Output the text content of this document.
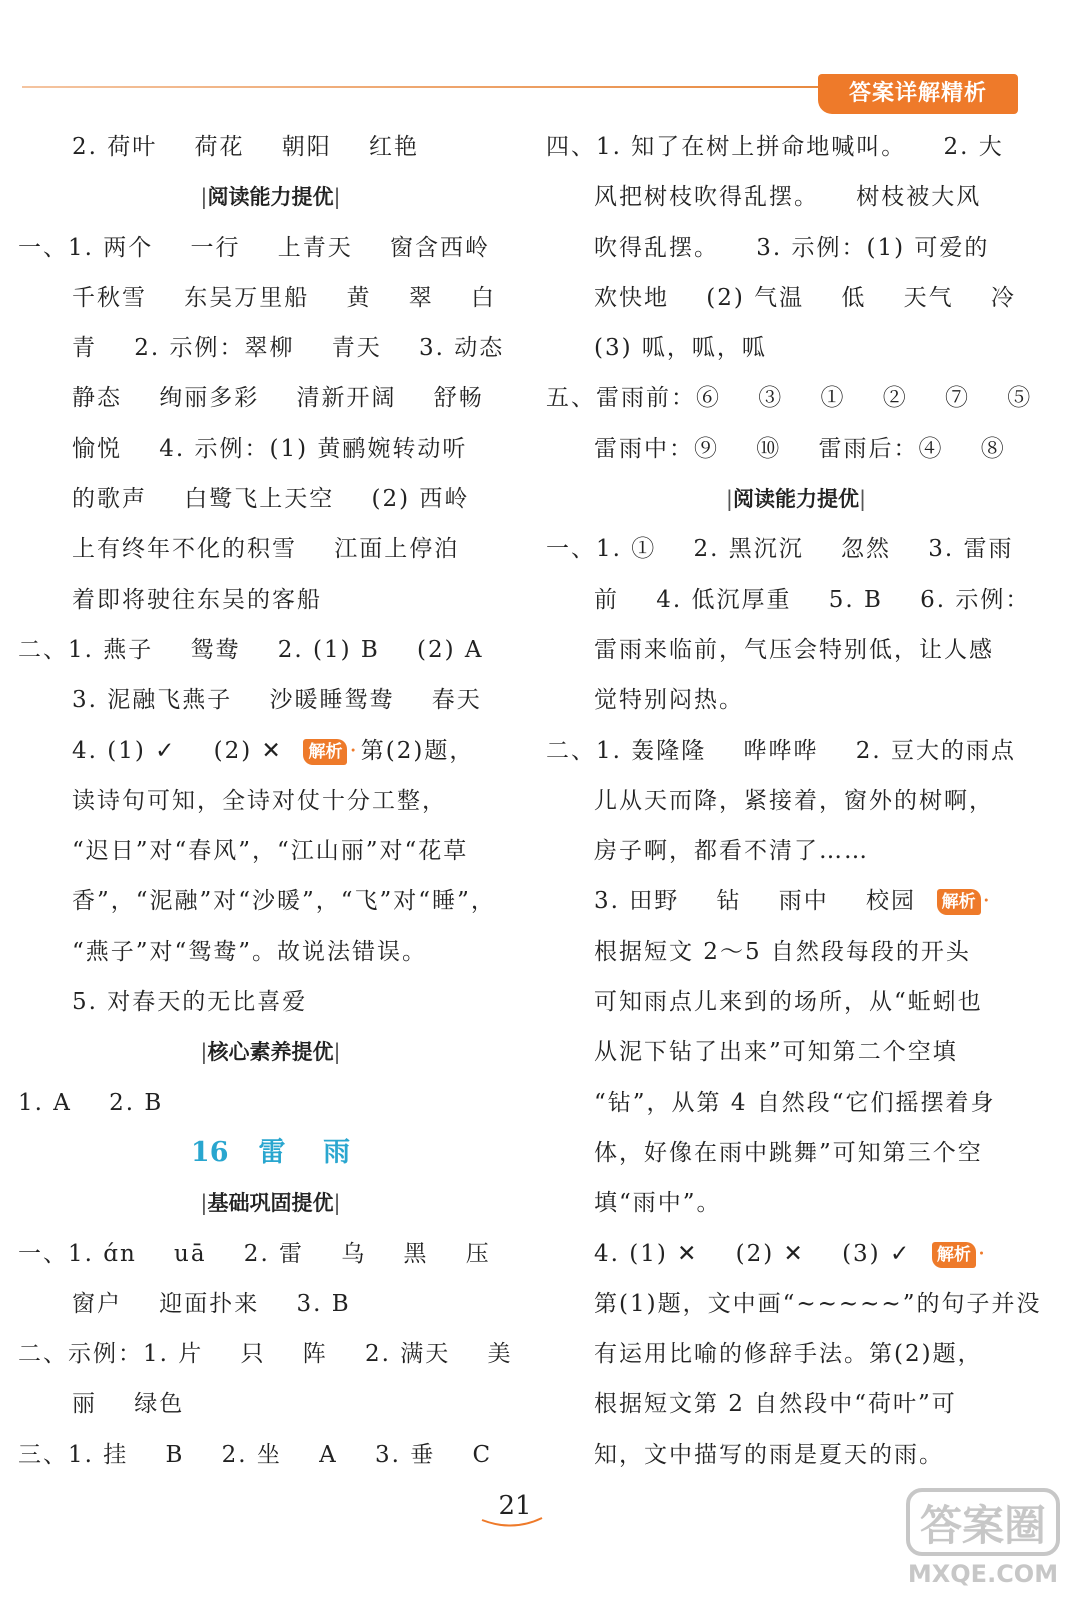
答案详解精析
2. 荷叶    荷花    朝阳    红艳
|阅读能力提优|
一、1. 两个    一行    上青天    窗含西岭
千秋雪    东吴万里船    黄    翠    白
青    2. 示例：翠柳    青天    3. 动态
静态    绚丽多彩    清新开阔    舒畅
愉悦    4. 示例：(1) 黄鹂婉转动听
的歌声    白鹭飞上天空    (2) 西岭
上有终年不化的积雪    江面上停泊
着即将驶往东吴的客船
二、1. 燕子    鸳鸯    2. (1) B    (2) A
3. 泥融飞燕子    沙暖睡鸳鸯    春天
4. (1) ✓    (2) ✕  解析 ·第(2)题，
读诗句可知，全诗对仗十分工整，
“迟日”对“春风”，“江山丽”对“花草
香”，“泥融”对“沙暖”，“飞”对“睡”，
“燕子”对“鸳鸯”。故说法错误。
5. 对春天的无比喜爱
|核心素养提优|
1. A    2. B
16 雷    雨
|基础巩固提优|
一、1. ɑ́n    uā    2. 雷    乌    黑    压
窗户    迎面扑来    3. B
二、示例：1. 片    只    阵    2. 满天    美
丽    绿色
三、1. 挂    B    2. 坐    A    3. 垂    C
四、1. 知了在树上拼命地喊叫。    2. 大
风把树枝吹得乱摆。    树枝被大风
吹得乱摆。    3. 示例：(1) 可爱的
欢快地    (2) 气温    低    天气    冷
(3) 呱，呱，呱
五、雷雨前：⑥    ③    ①    ②    ⑦    ⑤
雷雨中：⑨    ⑩    雷雨后：④    ⑧
|阅读能力提优|
一、1. ①    2. 黑沉沉    忽然    3. 雷雨
前    4. 低沉厚重    5. B    6. 示例：
雷雨来临前，气压会特别低，让人感
觉特别闷热。
二、1. 轰隆隆    哗哗哗    2. 豆大的雨点
儿从天而降，紧接着，窗外的树啊，
房子啊，都看不清了……
3. 田野    钻    雨中    校园  解析 ·
根据短文 2～5 自然段每段的开头
可知雨点儿来到的场所，从“蚯蚓也
从泥下钻了出来”可知第二个空填
“钻”，从第 4 自然段“它们摇摆着身
体，好像在雨中跳舞”可知第三个空
填“雨中”。
4. (1) ✕    (2) ✕    (3) ✓  解析 ·
第(1)题，文中画“~~~~~”的句子并没
有运用比喻的修辞手法。第(2)题，
根据短文第 2 自然段中“荷叶”可
知，文中描写的雨是夏天的雨。
21	答案圈
MXQE.COM
